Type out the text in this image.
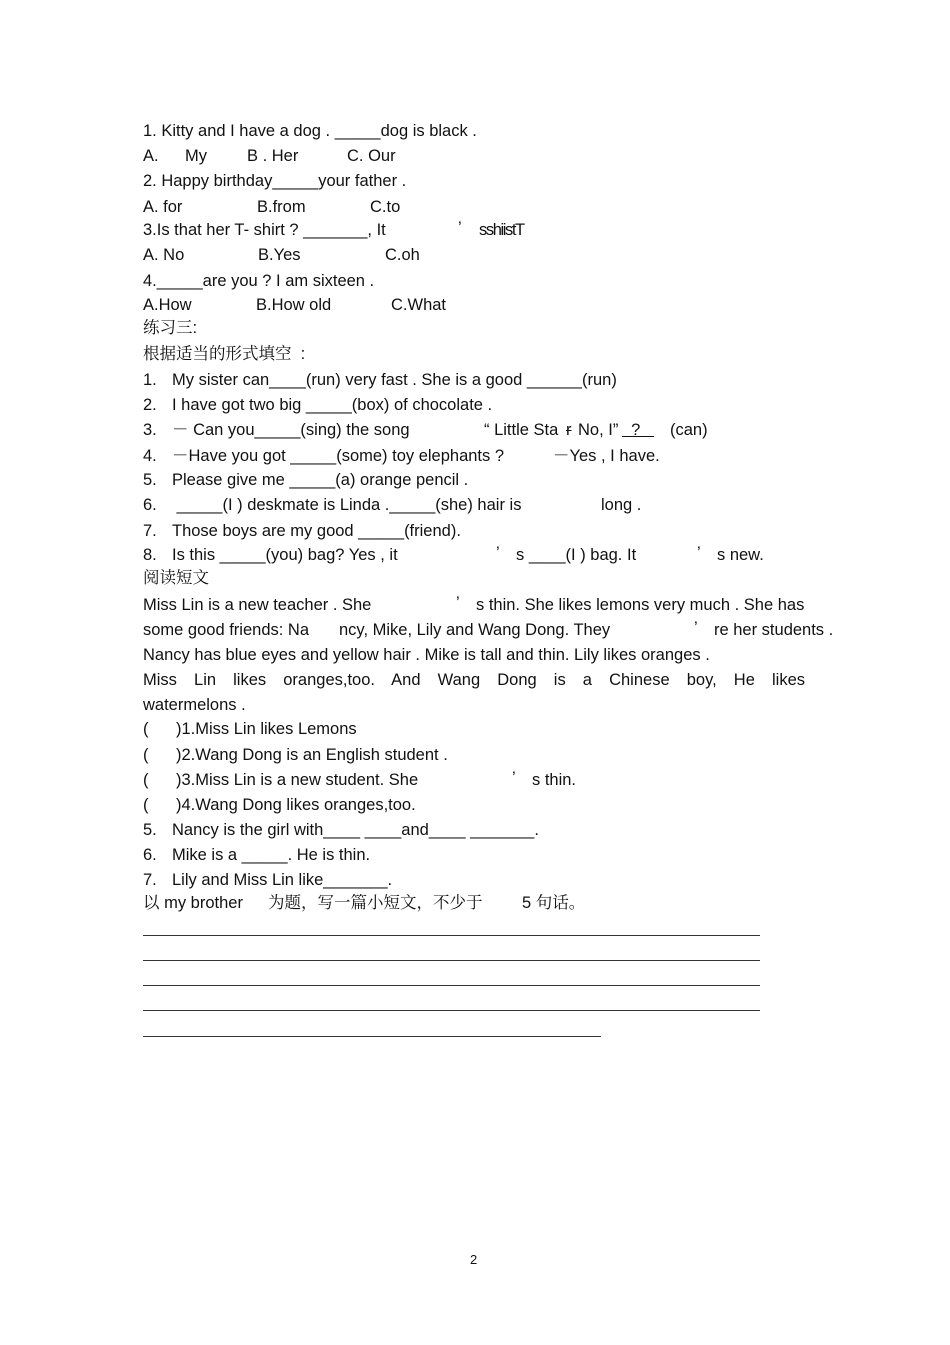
1. Kitty and I have a dog . _____dog is black .
A. My B . Her	C. Our
2. Happy birthday_____your father .
A. for	B.from	C.to
3.Is that her T- shirt ? _______, It	’ sshiistT
A. No	B.Yes	C.oh
4._____are you ? I am sixteen .
A.How	B.How old	C.What
练习三:
根据适当的形式填空  :
1. My sister can____(run) very fast . She is a good ______(run)
2. I have got two big _____(box) of chocolate .
3. － Can you_____(sing) the song	“ Little Sta r No, I” ? (can)
4. －Have you got _____(some) toy elephants ?	－Yes , I have.
5. Please give me _____(a) orange pencil .
6. _____(I ) deskmate is Linda ._____(she) hair is	long .
7. Those boys are my good _____(friend).
8. Is this _____(you) bag? Yes , it	’ s ____(I ) bag. It	’ s new.
阅读短文
Miss Lin is a new teacher . She	’ s thin. She likes lemons very much . She has
some good friends: Na ncy, Mike, Lily and Wang Dong. They	’ re her students .
Nancy has blue eyes and yellow hair . Mike is tall and thin. Lily likes oranges .
Miss Lin likes oranges,too. And Wang Dong is a Chinese boy, He likes
watermelons .
( )1.Miss Lin likes Lemons
( )2.Wang Dong is an English student .
( )3.Miss Lin is a new student. She	’ s thin.
( )4.Wang Dong likes oranges,too.
5. Nancy is the girl with____ ____and____ _______.
6. Mike is a _____. He is thin.
7. Lily and Miss Lin like_______.
以 my brother 为题，写一篇小短文，不少于 5 句话。
2
